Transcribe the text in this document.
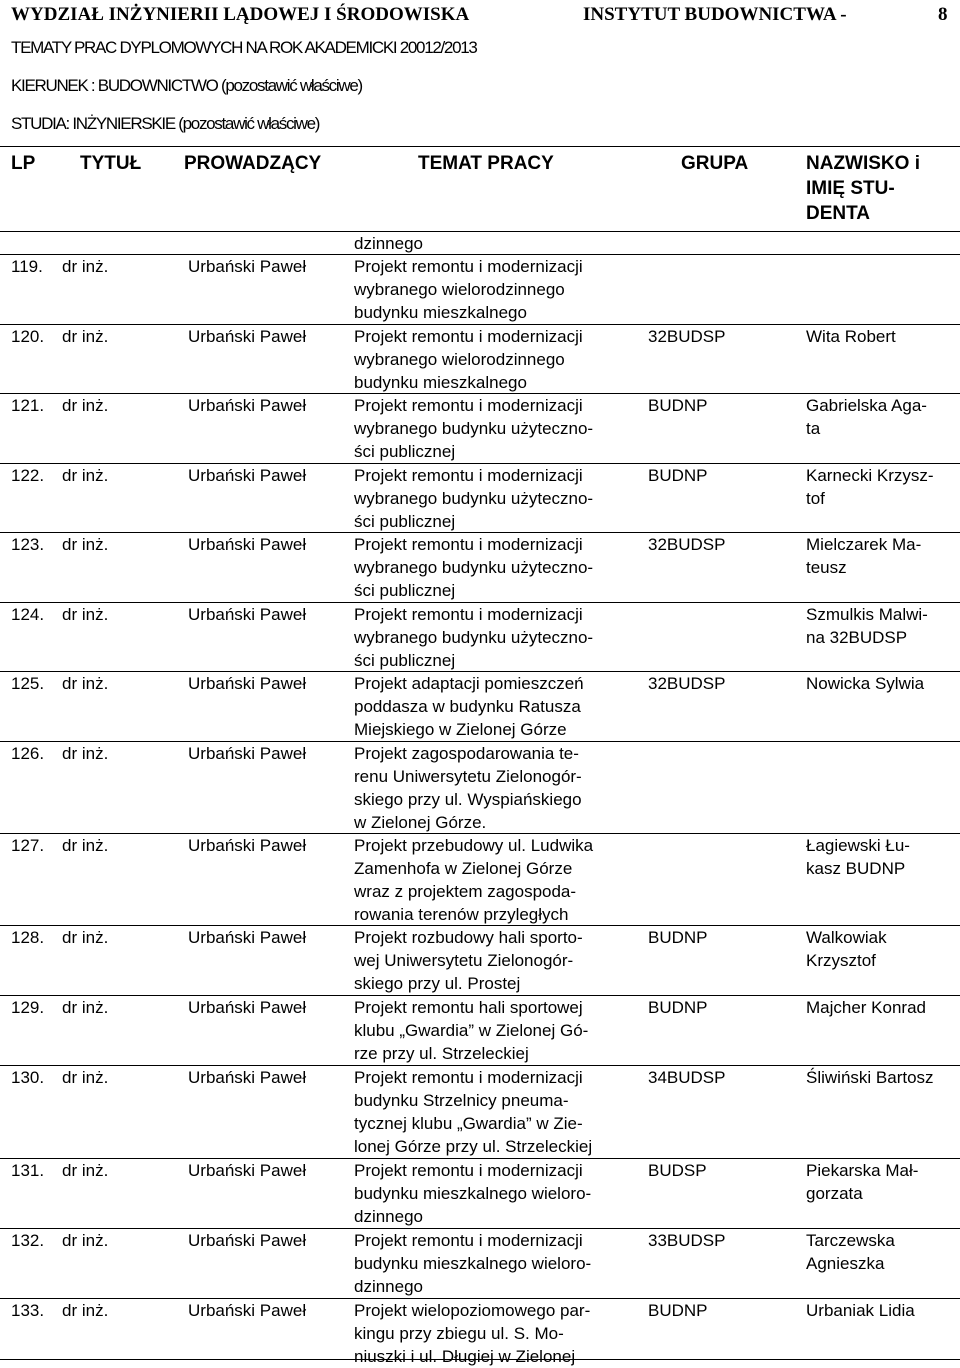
WYDZIAŁ INŻYNIERII LĄDOWEJ I ŚRODOWISKA	INSTYTUT BUDOWNICTWA -	8
TEMATY PRAC DYPLOMOWYCH NA ROK AKADEMICKI 20012/2013
KIERUNEK : BUDOWNICTWO (pozostawić właściwe)
STUDIA: INŻYNIERSKIE (pozostawić właściwe)
LP	TYTUŁ	PROWADZĄCY	TEMAT PRACY	GRUPA	NAZWISKO i
IMIĘ STU-
DENTA
dzinnego
119.	dr inż.	Urbański Paweł	Projekt remontu i modernizacji
wybranego wielorodzinnego
budynku mieszkalnego
120.	dr inż.	Urbański Paweł	Projekt remontu i modernizacji
wybranego wielorodzinnego
budynku mieszkalnego
32BUDSP	Wita Robert
121.	dr inż.	Urbański Paweł	Projekt remontu i modernizacji
wybranego budynku użyteczno-
ści publicznej
BUDNP	Gabrielska Aga-
ta
122.	dr inż.	Urbański Paweł	Projekt remontu i modernizacji
wybranego budynku użyteczno-
ści publicznej
BUDNP	Karnecki Krzysz-
tof
123.	dr inż.	Urbański Paweł	Projekt remontu i modernizacji
wybranego budynku użyteczno-
ści publicznej
32BUDSP	Mielczarek Ma-
teusz
124.	dr inż.	Urbański Paweł	Projekt remontu i modernizacji
wybranego budynku użyteczno-
ści publicznej
Szmulkis Malwi-
na 32BUDSP
125.	dr inż.	Urbański Paweł	Projekt adaptacji pomieszczeń
poddasza w budynku Ratusza
Miejskiego w Zielonej Górze
32BUDSP	Nowicka Sylwia
126.	dr inż.	Urbański Paweł	Projekt zagospodarowania te-
renu Uniwersytetu Zielonogór-
skiego przy ul. Wyspiańskiego
w Zielonej Górze.
127.	dr inż.	Urbański Paweł	Projekt przebudowy ul. Ludwika
Zamenhofa w Zielonej Górze
wraz z projektem zagospoda-
rowania terenów przyległych
Łagiewski Łu-
kasz BUDNP
128.	dr inż.	Urbański Paweł	Projekt rozbudowy hali sporto-
wej Uniwersytetu Zielonogór-
skiego przy ul. Prostej
BUDNP	Walkowiak
Krzysztof
129.	dr inż.	Urbański Paweł	Projekt remontu hali sportowej
klubu „Gwardia” w Zielonej Gó-
rze przy ul. Strzeleckiej
BUDNP	Majcher Konrad
130.	dr inż.	Urbański Paweł	Projekt remontu i modernizacji
budynku Strzelnicy pneuma-
tycznej klubu „Gwardia” w Zie-
lonej Górze przy ul. Strzeleckiej
34BUDSP	Śliwiński Bartosz
131.	dr inż.	Urbański Paweł	Projekt remontu i modernizacji
budynku mieszkalnego wieloro-
dzinnego
BUDSP	Piekarska Mał-
gorzata
132.	dr inż.	Urbański Paweł	Projekt remontu i modernizacji
budynku mieszkalnego wieloro-
dzinnego
33BUDSP	Tarczewska
Agnieszka
133.	dr inż.	Urbański Paweł	Projekt wielopoziomowego par-
kingu przy zbiegu ul. S. Mo-
niuszki i ul. Długiej w Zielonej
BUDNP	Urbaniak Lidia
